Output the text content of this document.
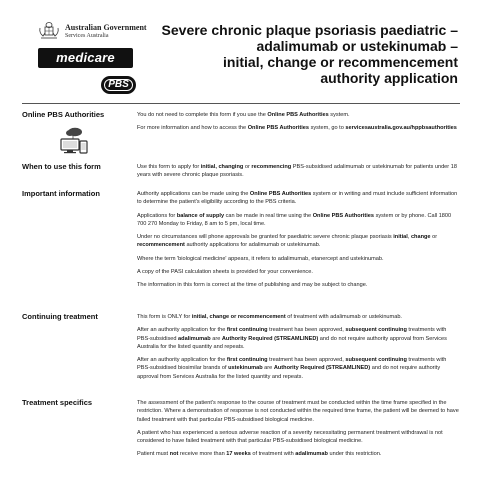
Australian Government
Services Australia
medicare
PBS
Severe chronic plaque psoriasis paediatric –
adalimumab or ustekinumab –
initial, change or recommencement
authority application
Online PBS Authorities	You do not need to complete this form if you use the Online PBS Authorities system.

For more information and how to access the Online PBS Authorities system, go to servicesaustralia.gov.au/hppbsauthorities

When to use this form	Use this form to apply for initial, changing or recommencing PBS-subsidised adalimumab or ustekinumab for patients under 18 years with severe chronic plaque psoriasis.

Important information	Authority applications can be made using the Online PBS Authorities system or in writing and must include sufficient information to determine the patient's eligibility according to the PBS criteria.

Applications for balance of supply can be made in real time using the Online PBS Authorities system or by phone. Call 1800 700 270 Monday to Friday, 8 am to 5 pm, local time.

Under no circumstances will phone approvals be granted for paediatric severe chronic plaque psoriasis initial, change or recommencement authority applications for adalimumab or ustekinumab.

Where the term 'biological medicine' appears, it refers to adalimumab, etanercept and ustekinumab.

A copy of the PASI calculation sheets is provided for your convenience.

The information in this form is correct at the time of publishing and may be subject to change.

Continuing treatment	This form is ONLY for initial, change or recommencement of treatment with adalimumab or ustekinumab.

After an authority application for the first continuing treatment has been approved, subsequent continuing treatments with PBS-subsidised adalimumab are Authority Required (STREAMLINED) and do not require authority approval from Services Australia for the listed quantity and repeats.

After an authority application for the first continuing treatment has been approved, subsequent continuing treatments with PBS-subsidised biosimilar brands of ustekinumab are Authority Required (STREAMLINED) and do not require authority approval from Services Australia for the listed quantity and repeats.

Treatment specifics	The assessment of the patient's response to the course of treatment must be conducted within the time frame specified in the restriction. Where a demonstration of response is not conducted within the required time frame, the patient will be deemed to have failed treatment with that particular PBS-subsidised biological medicine.

A patient who has experienced a serious adverse reaction of a severity necessitating permanent treatment withdrawal is not considered to have failed treatment with that particular PBS-subsidised biological medicine.

Patient must not receive more than 17 weeks of treatment with adalimumab under this restriction.
